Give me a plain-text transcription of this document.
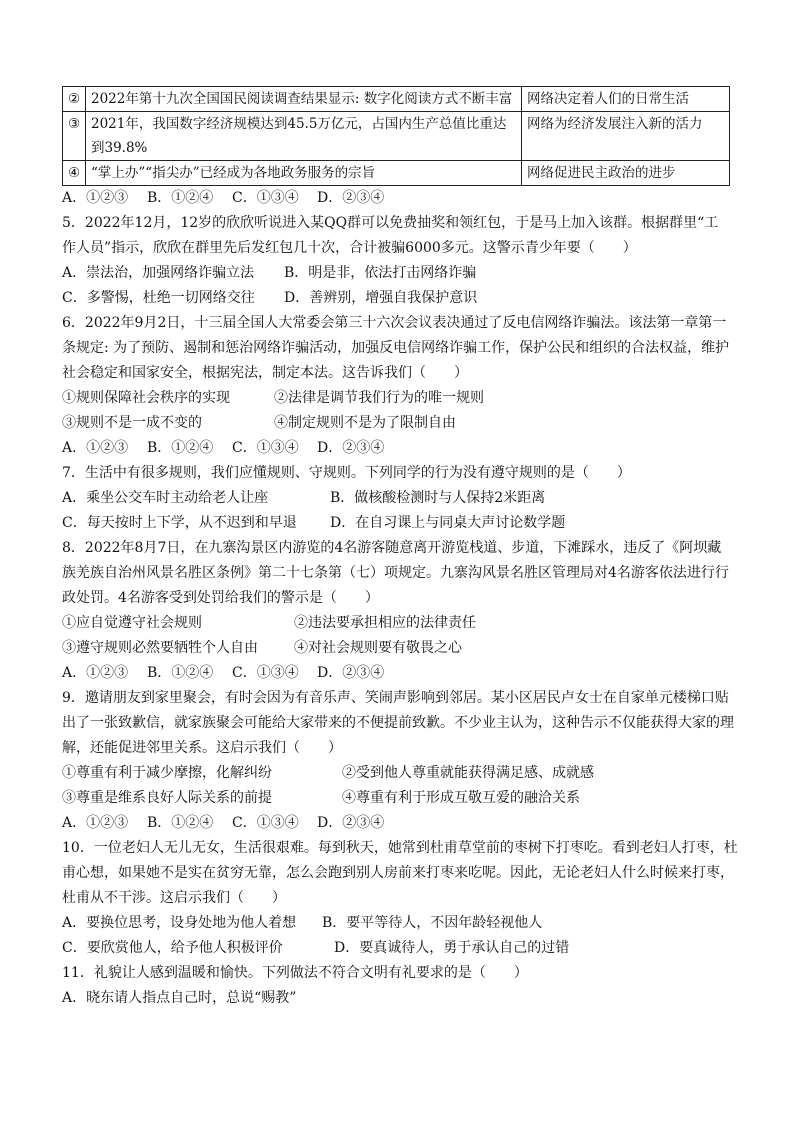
②	2022年第十九次全国国民阅读调查结果显示: 数字化阅读方式不断丰富	网络决定着人们的日常生活
③	2021年，我国数字经济规模达到45.5万亿元，占国内生产总值比重达到39.8%	网络为经济发展注入新的活力
④	“掌上办”“指尖办”已经成为各地政务服务的宗旨	网络促进民主政治的进步
A．①②③ B．①②④ C．①③④ D．②③④
5．2022年12月，12岁的欣欣听说进入某QQ群可以免费抽奖和领红包，于是马上加入该群。根据群里“工
作人员”指示，欣欣在群里先后发红包几十次，合计被骗6000多元。这警示青少年要（　　）
A．崇法治，加强网络诈骗立法 B．明是非，依法打击网络诈骗
C．多警惕，杜绝一切网络交往 D．善辨别，增强自我保护意识
6．2022年9月2日，十三届全国人大常委会第三十六次会议表决通过了反电信网络诈骗法。该法第一章第一
条规定: 为了预防、遏制和惩治网络诈骗活动，加强反电信网络诈骗工作，保护公民和组织的合法权益，维护
社会稳定和国家安全，根据宪法，制定本法。这告诉我们（　　）
①规则保障社会秩序的实现	②法律是调节我们行为的唯一规则
③规则不是一成不变的	④制定规则不是为了限制自由
A．①②③ B．①②④ C．①③④ D．②③④
7．生活中有很多规则，我们应懂规则、守规则。下列同学的行为没有遵守规则的是（　　）
A．乘坐公交车时主动给老人让座	B．做核酸检测时与人保持2米距离
C．每天按时上下学，从不迟到和早退 D．在自习课上与同桌大声讨论数学题
8．2022年8月7日，在九寨沟景区内游览的4名游客随意离开游览栈道、步道，下滩踩水，违反了《阿坝藏
族羌族自治州风景名胜区条例》第二十七条第（七）项规定。九寨沟风景名胜区管理局对4名游客依法进行行
政处罚。4名游客受到处罚给我们的警示是（　　）
①应自觉遵守社会规则	②违法要承担相应的法律责任
③遵守规则必然要牺牲个人自由	④对社会规则要有敬畏之心
A．①②③ B．①②④ C．①③④ D．②③④
9．邀请朋友到家里聚会，有时会因为有音乐声、笑闹声影响到邻居。某小区居民卢女士在自家单元楼梯口贴
出了一张致歉信，就家族聚会可能给大家带来的不便提前致歉。不少业主认为，这种告示不仅能获得大家的理
解，还能促进邻里关系。这启示我们（　　）
①尊重有利于减少摩擦，化解纠纷	②受到他人尊重就能获得满足感、成就感
③尊重是维系良好人际关系的前提	④尊重有利于形成互敬互爱的融洽关系
A．①②③ B．①②④ C．①③④ D．②③④
10．一位老妇人无儿无女，生活很艰难。每到秋天，她常到杜甫草堂前的枣树下打枣吃。看到老妇人打枣，杜
甫心想，如果她不是实在贫穷无靠，怎么会跑到别人房前来打枣来吃呢。因此，无论老妇人什么时候来打枣，
杜甫从不干涉。这启示我们（　　）
A．要换位思考，设身处地为他人着想 B．要平等待人，不因年龄轻视他人
C．要欣赏他人，给予他人积极评价	D．要真诚待人，勇于承认自己的过错
11．礼貌让人感到温暖和愉快。下列做法不符合文明有礼要求的是（　　）
A．晓东请人指点自己时，总说“赐教”
